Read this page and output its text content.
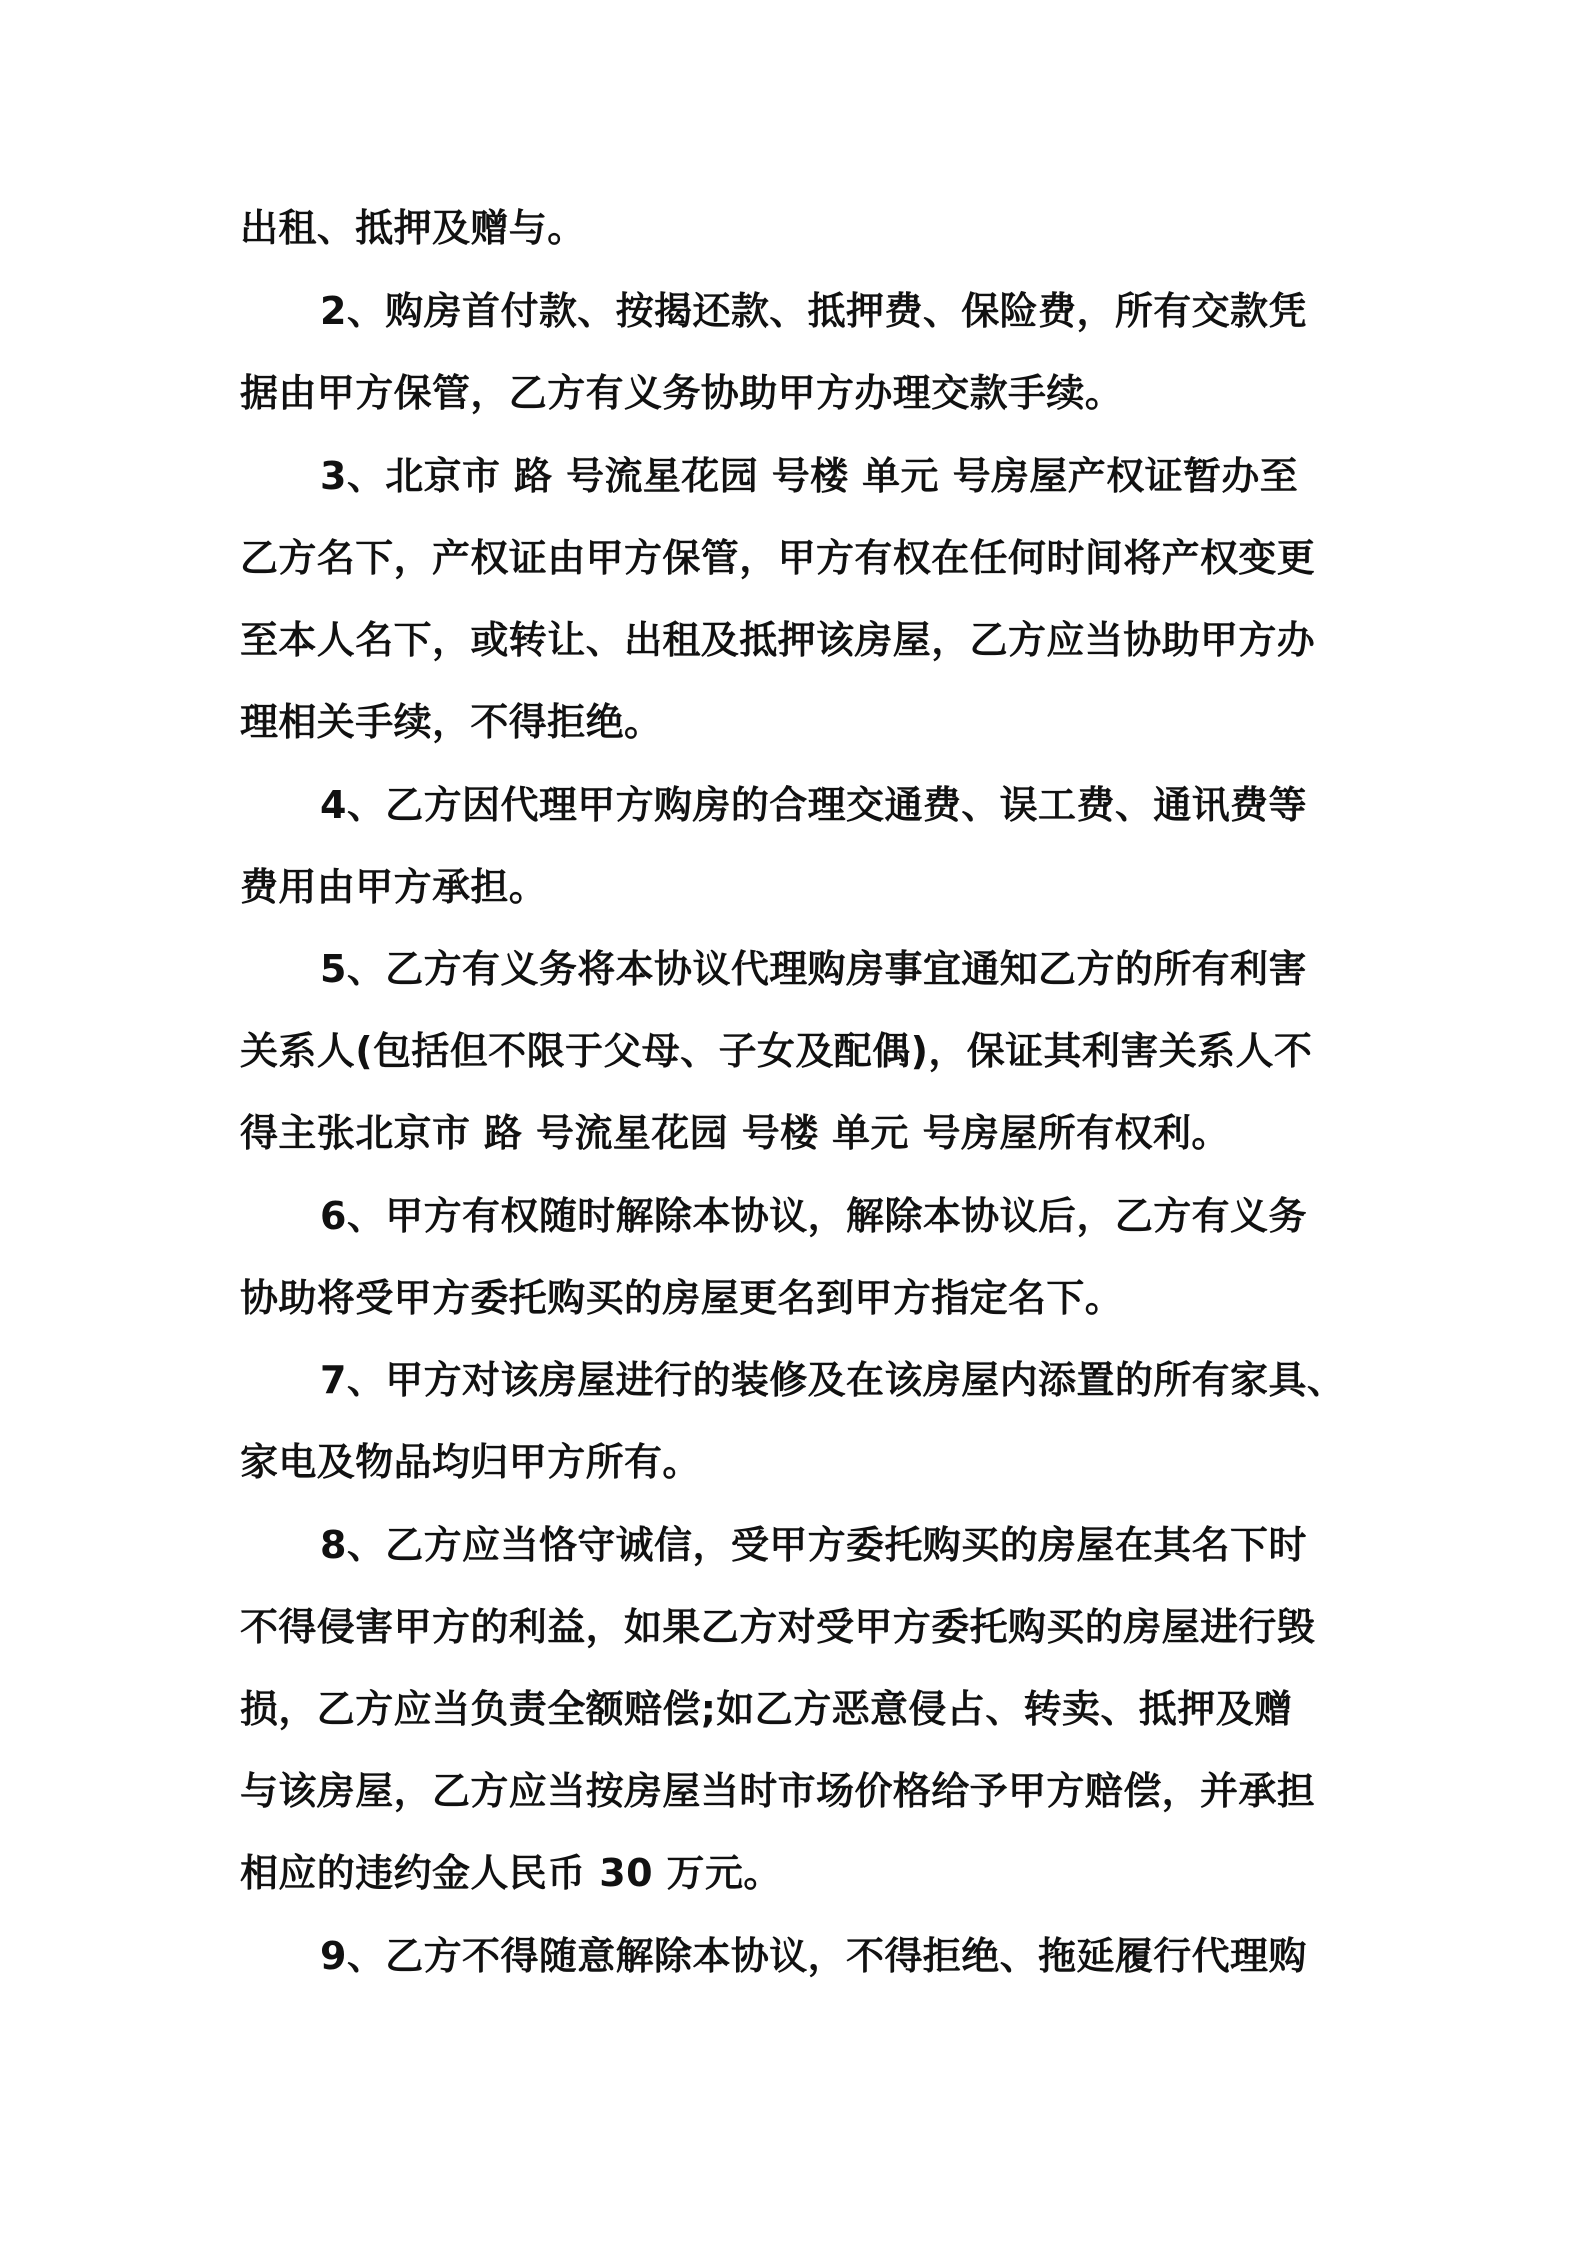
出租、抵押及赠与。
2、购房首付款、按揭还款、抵押费、保险费，所有交款凭
据由甲方保管，乙方有义务协助甲方办理交款手续。
3、北京市 路 号流星花园 号楼 单元 号房屋产权证暂办至
乙方名下，产权证由甲方保管，甲方有权在任何时间将产权变更
至本人名下，或转让、出租及抵押该房屋，乙方应当协助甲方办
理相关手续，不得拒绝。
4、乙方因代理甲方购房的合理交通费、误工费、通讯费等
费用由甲方承担。
5、乙方有义务将本协议代理购房事宜通知乙方的所有利害
关系人(包括但不限于父母、子女及配偶)，保证其利害关系人不
得主张北京市 路 号流星花园 号楼 单元 号房屋所有权利。
6、甲方有权随时解除本协议，解除本协议后，乙方有义务
协助将受甲方委托购买的房屋更名到甲方指定名下。
7、甲方对该房屋进行的装修及在该房屋内添置的所有家具、
家电及物品均归甲方所有。
8、乙方应当恪守诚信，受甲方委托购买的房屋在其名下时
不得侵害甲方的利益，如果乙方对受甲方委托购买的房屋进行毁
损，乙方应当负责全额赔偿;如乙方恶意侵占、转卖、抵押及赠
与该房屋，乙方应当按房屋当时市场价格给予甲方赔偿，并承担
相应的违约金人民币 30 万元。
9、乙方不得随意解除本协议，不得拒绝、拖延履行代理购
